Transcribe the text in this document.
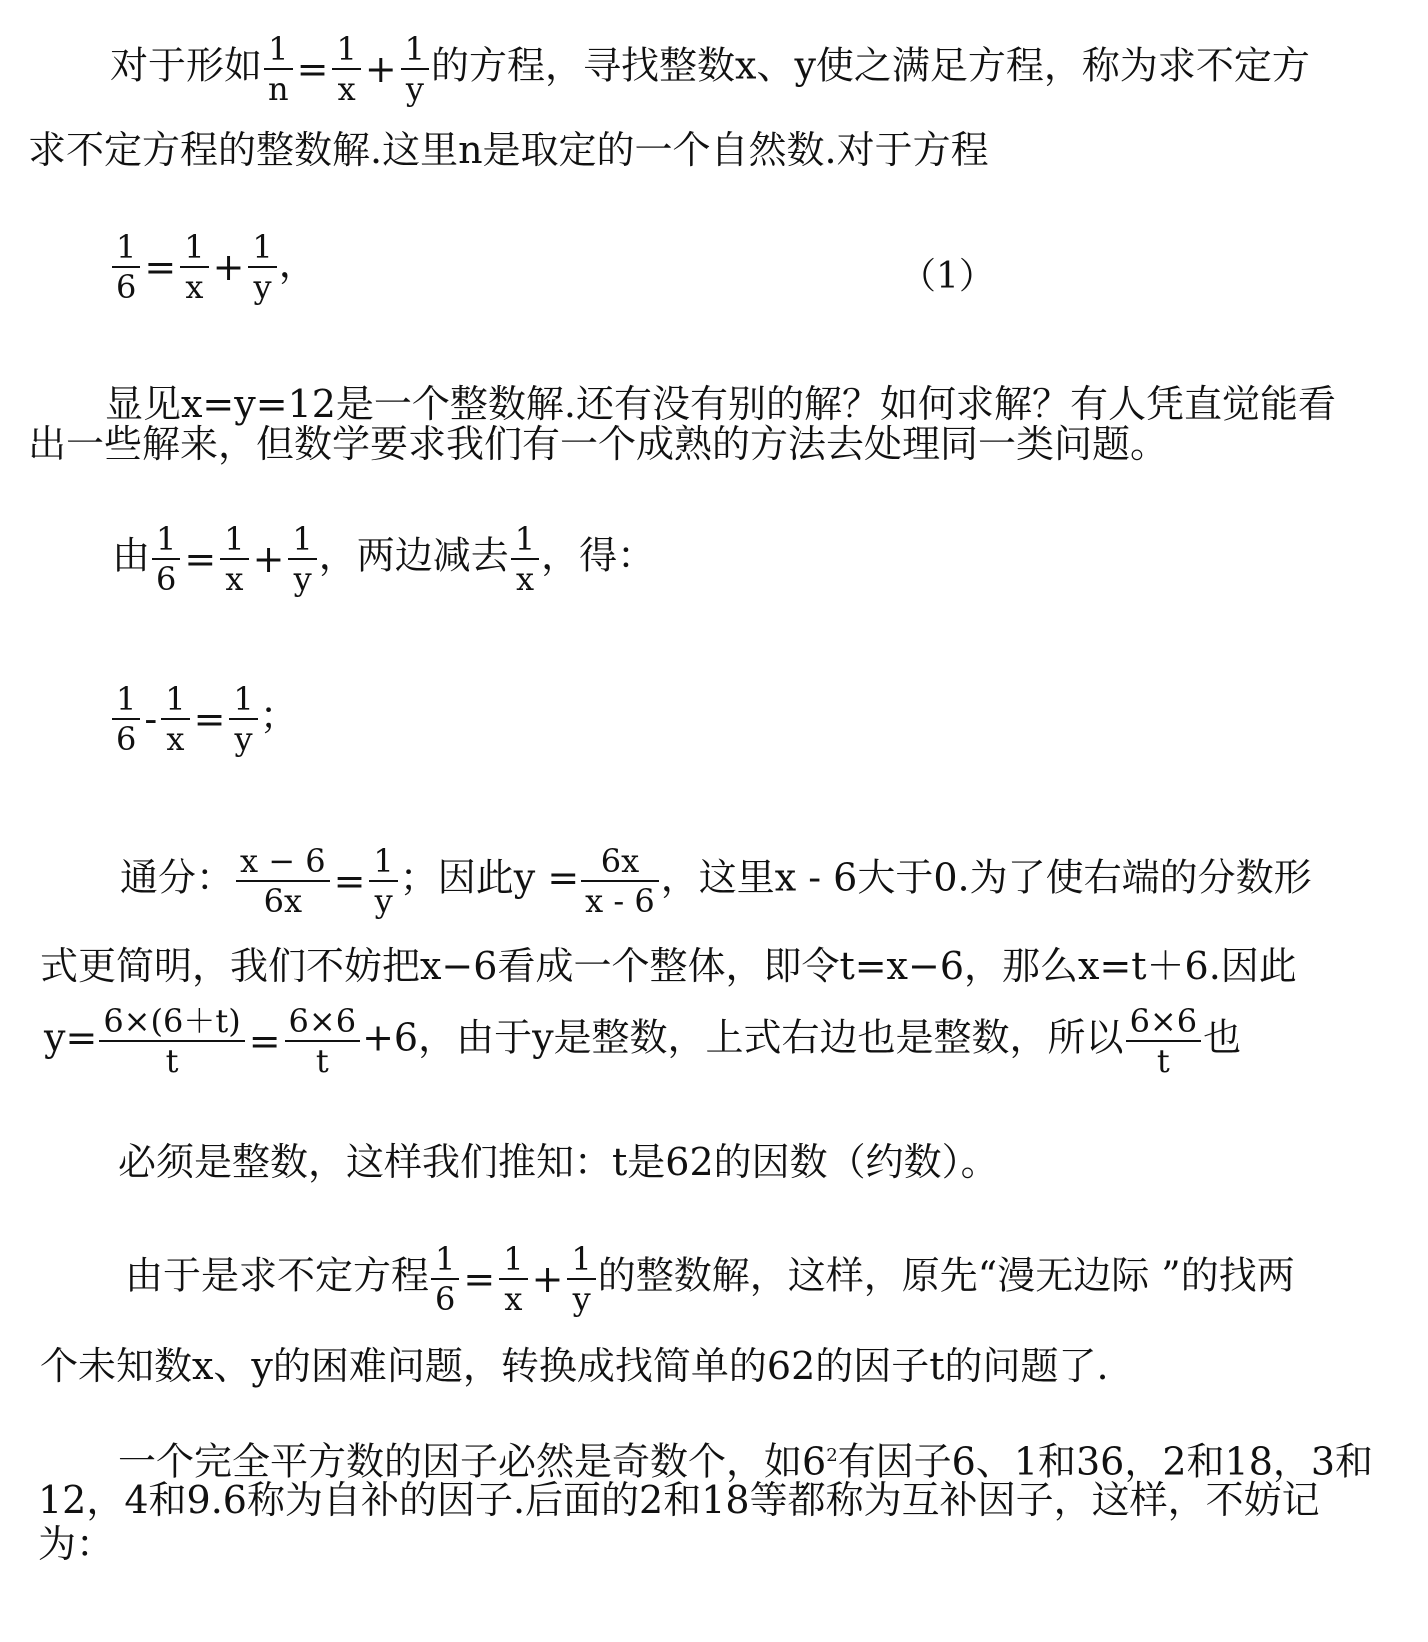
对于形如 $\frac{1}{n} = \frac{1}{x} + \frac{1}{y}$ 的方程，寻找整数x、y使之满足方程，称为求不定方
求不定方程的整数解.这里n是取定的一个自然数.对于方程
$\frac{1}{6} = \frac{1}{x} + \frac{1}{y}$ ，	（1）
显见x=y=12是一个整数解.还有没有别的解？如何求解？有人凭直觉能看
出一些解来，但数学要求我们有一个成熟的方法去处理同一类问题。
由 $\frac{1}{6} = \frac{1}{x} + \frac{1}{y}$ ，两边减去 $\frac{1}{x}$ ，得：
$\frac{1}{6} - \frac{1}{x} = \frac{1}{y}$ ；
通分： $\frac{x - 6}{6x} = \frac{1}{y}$ ；因此$y = \frac{6x}{x - 6}$ ，这里x - 6大于0.为了使右端的分数形
式更简明，我们不妨把x−6看成一个整体，即令t=x−6，那么x=t＋6.因此
$y= \frac{6\times(6+t)}{t} = \frac{6\times 6}{t} +6$，由于y是整数，上式右边也是整数，所以 $\frac{6\times 6}{t}$ 也
必须是整数，这样我们推知：t是62的因数（约数）。
由于是求不定方程 $\frac{1}{6} = \frac{1}{x} + \frac{1}{y}$ 的整数解，这样，原先“漫无边际 ”的找两
个未知数x、y的困难问题，转换成找简单的62的因子t的问题了.
一个完全平方数的因子必然是奇数个，如$6^2$有因子6、1和36，2和18，3和
12，4和9.6称为自补的因子.后面的2和18等都称为互补因子，这样，不妨记
为：
